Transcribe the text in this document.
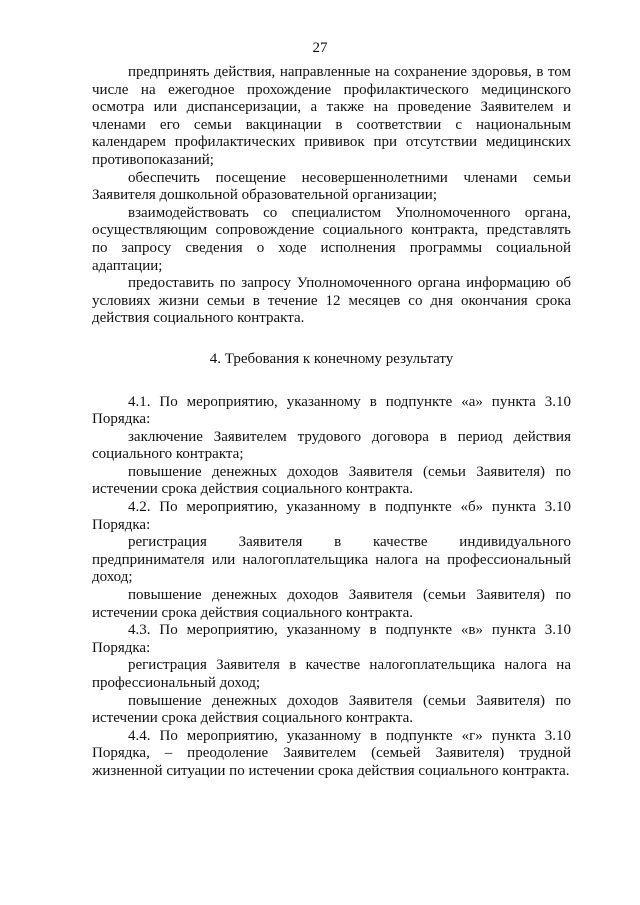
27

предпринять действия, направленные на сохранение здоровья, в том числе на ежегодное прохождение профилактического медицинского осмотра или диспансеризации, а также на проведение Заявителем и членами его семьи вакцинации в соответствии с национальным календарем профилактических прививок при отсутствии медицинских противопоказаний;

обеспечить посещение несовершеннолетними членами семьи Заявителя дошкольной образовательной организации;

взаимодействовать со специалистом Уполномоченного органа, осуществляющим сопровождение социального контракта, представлять по запросу сведения о ходе исполнения программы социальной адаптации;

предоставить по запросу Уполномоченного органа информацию об условиях жизни семьи в течение 12 месяцев со дня окончания срока действия социального контракта.

4. Требования к конечному результату

4.1. По мероприятию, указанному в подпункте «а» пункта 3.10 Порядка:

заключение Заявителем трудового договора в период действия социального контракта;

повышение денежных доходов Заявителя (семьи Заявителя) по истечении срока действия социального контракта.

4.2. По мероприятию, указанному в подпункте «б» пункта 3.10 Порядка:

регистрация Заявителя в качестве индивидуального предпринимателя или налогоплательщика налога на профессиональный доход;

повышение денежных доходов Заявителя (семьи Заявителя) по истечении срока действия социального контракта.

4.3. По мероприятию, указанному в подпункте «в» пункта 3.10 Порядка:

регистрация Заявителя в качестве налогоплательщика налога на профессиональный доход;

повышение денежных доходов Заявителя (семьи Заявителя) по истечении срока действия социального контракта.

4.4. По мероприятию, указанному в подпункте «г» пункта 3.10 Порядка, – преодоление Заявителем (семьей Заявителя) трудной жизненной ситуации по истечении срока действия социального контракта.
